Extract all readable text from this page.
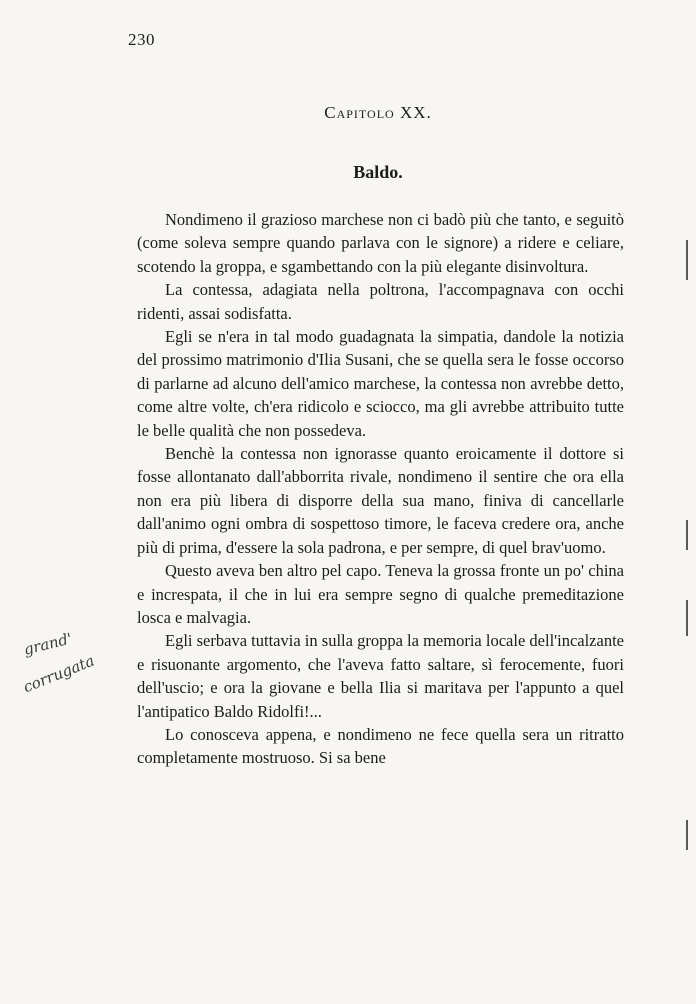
230
Capitolo XX.
Baldo.

Nondimeno il grazioso marchese non ci badò più che tanto, e seguitò (come soleva sempre quando parlava con le signore) a ridere e celiare, scotendo la groppa, e sgambettando con la più elegante disinvoltura.

La contessa, adagiata nella poltrona, l'accompagnava con occhi ridenti, assai sodisfatta.

Egli se n'era in tal modo guadagnata la simpatia, dandole la notizia del prossimo matrimonio d'Ilia Susani, che se quella sera le fosse occorso di parlarne ad alcuno dell'amico marchese, la contessa non avrebbe detto, come altre volte, ch'era ridicolo e sciocco, ma gli avrebbe attribuito tutte le belle qualità che non possedeva.

Benchè la contessa non ignorasse quanto eroicamente il dottore si fosse allontanato dall'abborrita rivale, nondimeno il sentire che ora ella non era più libera di disporre della sua mano, finiva di cancellarle dall'animo ogni ombra di sospettoso timore, le faceva credere ora, anche più di prima, d'essere la sola padrona, e per sempre, di quel brav'uomo.

Questo aveva ben altro pel capo. Teneva la grossa fronte un po' china e increspata, il che in lui era sempre segno di qualche premeditazione losca e malvagia.

Egli serbava tuttavia in sulla groppa la memoria locale dell'incalzante e risuonante argomento, che l'aveva fatto saltare, sì ferocemente, fuori dell'uscio; e ora la giovane e bella Ilia si maritava per l'appunto a quel l'antipatico Baldo Ridolfi!...

Lo conosceva appena, e nondimeno ne fece quella sera un ritratto completamente mostruoso. Si sa bene

grand'
corrugata
